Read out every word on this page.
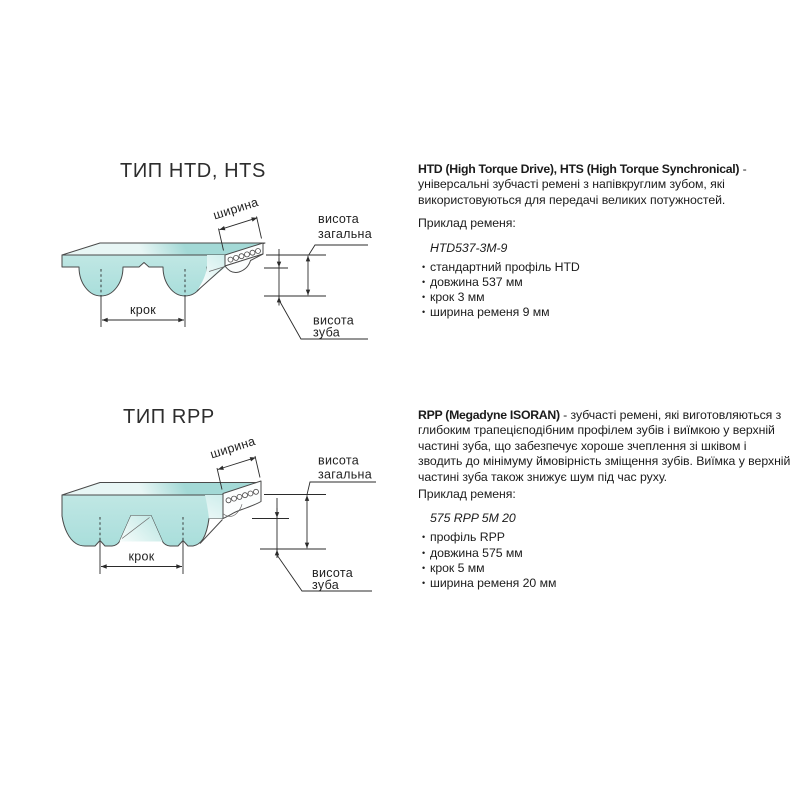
ТИП HTD, HTS
крок
ширина	висота
загальна
висота
зуба
HTD (High Torque Drive), HTS (High Torque Synchronical) - універсальні зубчасті ремені з напівкруглим зубом, які використовуються для передачі великих потужностей.
Приклад ременя:
HTD537-3M-9
• стандартний профіль HTD
• довжина 537 мм
• крок 3 мм
• ширина ременя 9 мм
ТИП RPP
крок
ширина	висота
загальна
висота
зуба
RPP (Megadyne ISORAN) - зубчасті ремені, які виготовляються з глибоким трапецієподібним профілем зубів і виїмкою у верхній частині зуба, що забезпечує хороше зчеплення зі шківом і зводить до мінімуму ймовірність зміщення зубів. Виїмка у верхній частині зуба також знижує шум під час руху.
Приклад ременя:
575 RPP 5M 20
• профіль RPP
• довжина 575 мм
• крок 5 мм
• ширина ременя 20 мм
